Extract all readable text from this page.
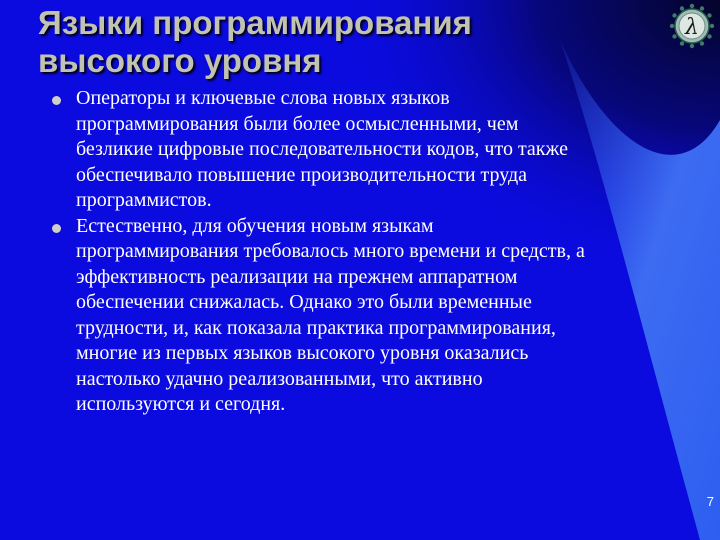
Языки программирования
высокого уровня
λ
Операторы и ключевые слова новых языков
программирования были более осмысленными, чем
безликие цифровые последовательности кодов, что также
обеспечивало повышение производительности труда
программистов.
Естественно, для обучения новым языкам
программирования требовалось много времени и средств, а
эффективность реализации на прежнем аппаратном
обеспечении снижалась. Однако это были временные
трудности, и, как показала практика программирования,
многие из первых языков высокого уровня оказались
настолько удачно реализованными, что активно
используются и сегодня.
7
